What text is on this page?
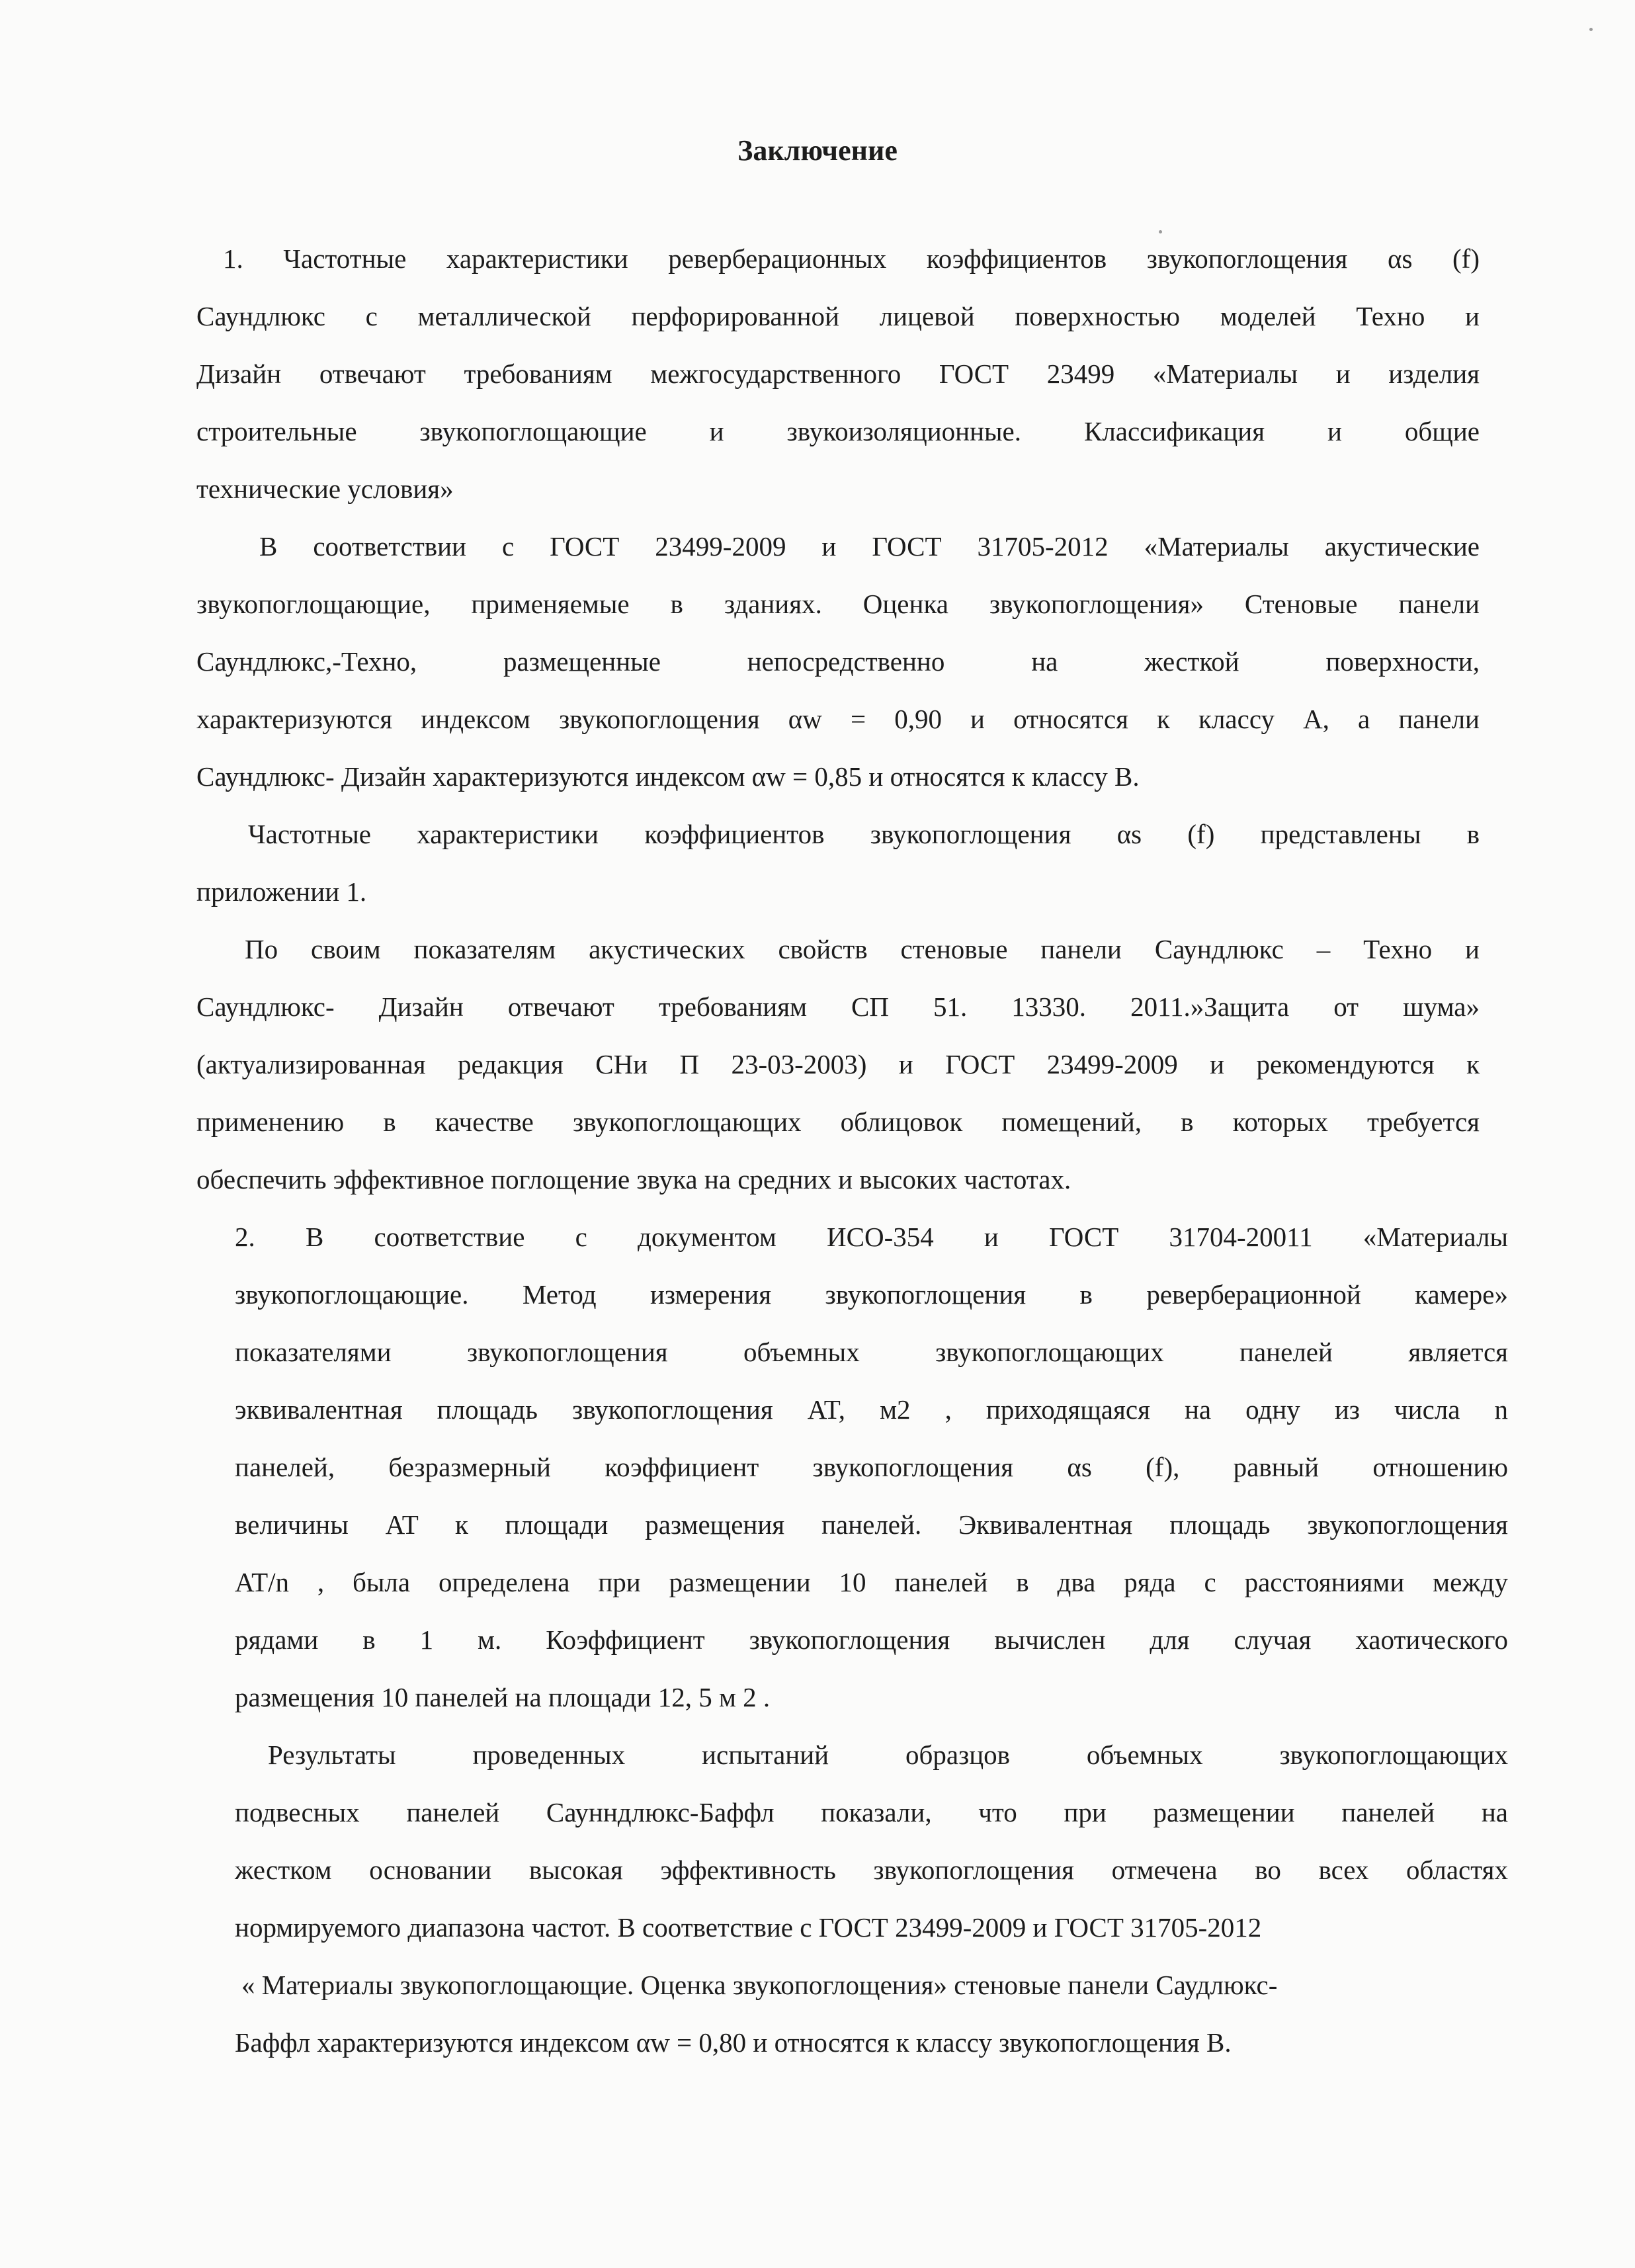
Заключение
1. Частотные характеристики реверберационных коэффициентов звукопоглощения αs (f)
Саундлюкс с металлической перфорированной лицевой поверхностью моделей Техно и
Дизайн отвечают требованиям межгосударственного ГОСТ 23499 «Материалы и изделия
строительные звукопоглощающие и звукоизоляционные. Классификация и общие
технические условия»
В соответствии с ГОСТ 23499-2009 и ГОСТ 31705-2012 «Материалы акустические
звукопоглощающие, применяемые в зданиях. Оценка звукопоглощения» Стеновые панели
Саундлюкс,-Техно, размещенные непосредственно на жесткой поверхности,
характеризуются индексом звукопоглощения αw = 0,90 и относятся к классу А, а панели
Саундлюкс- Дизайн характеризуются индексом αw = 0,85 и относятся к классу В.
Частотные характеристики коэффициентов звукопоглощения αs (f) представлены в
приложении 1.
По своим показателям акустических свойств стеновые панели Саундлюкс – Техно и
Саундлюкс- Дизайн отвечают требованиям СП 51. 13330. 2011.»Защита от шума»
(актуализированная редакция СНи П 23-03-2003) и ГОСТ 23499-2009 и рекомендуются к
применению в качестве звукопоглощающих облицовок помещений, в которых требуется
обеспечить эффективное поглощение звука на средних и высоких частотах.
2. В соответствие с документом ИСО-354 и ГОСТ 31704-20011 «Материалы
звукопоглощающие. Метод измерения звукопоглощения в реверберационной камере»
показателями звукопоглощения объемных звукопоглощающих панелей является
эквивалентная площадь звукопоглощения AT, м2 , приходящаяся на одну из числа n
панелей, безразмерный коэффициент звукопоглощения αs (f), равный отношению
величины AT к площади размещения панелей. Эквивалентная площадь звукопоглощения
AT/n , была определена при размещении 10 панелей в два ряда с расстояниями между
рядами в 1 м. Коэффициент звукопоглощения вычислен для случая хаотического
размещения 10 панелей на площади 12, 5 м 2 .
Результаты проведенных испытаний образцов объемных звукопоглощающих
подвесных панелей Саунндлюкс-Баффл показали, что при размещении панелей на
жестком основании высокая эффективность звукопоглощения отмечена во всех областях
нормируемого диапазона частот. В соответствие с ГОСТ 23499-2009 и ГОСТ 31705-2012
« Материалы звукопоглощающие. Оценка звукопоглощения» стеновые панели Саудлюкс-
Баффл характеризуются индексом αw = 0,80 и относятся к классу звукопоглощения В.
